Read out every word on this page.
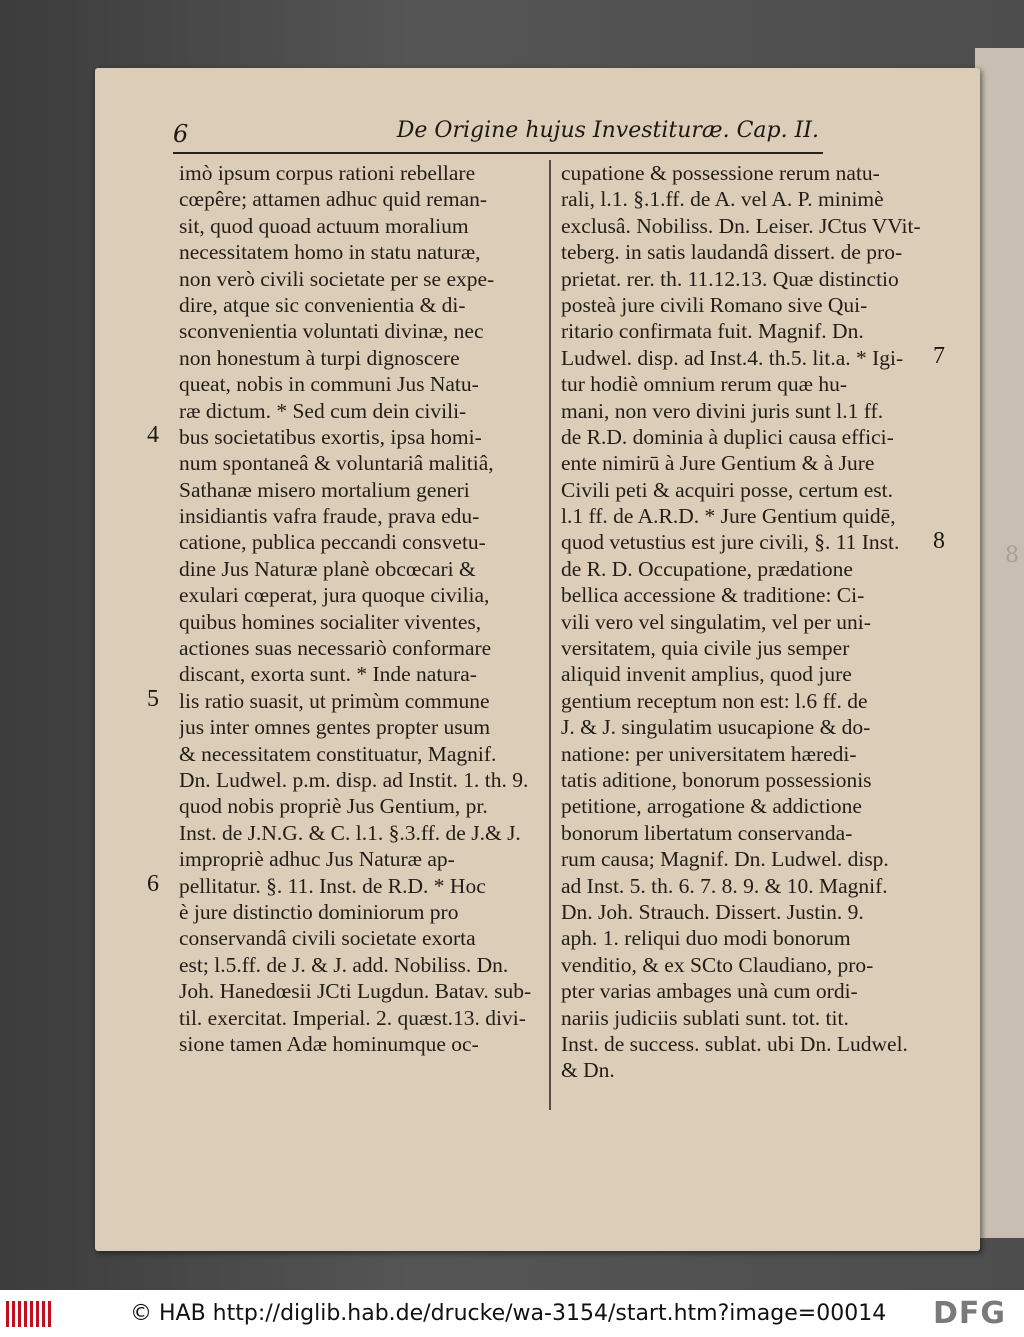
8
6	De Origine hujus Investituræ. Cap. II.
imò ipsum corpus rationi rebellare
cœpêre; attamen adhuc quid reman-
sit, quod quoad actuum moralium
necessitatem homo in statu naturæ,
non verò civili societate per se expe-
dire, atque sic convenientia & di-
sconvenientia voluntati divinæ, nec
non honestum à turpi dignoscere
queat, nobis in communi Jus Natu-
ræ dictum. * Sed cum dein civili-
bus societatibus exortis, ipsa homi-
num spontaneâ & voluntariâ malitiâ,
Sathanæ misero mortalium generi
insidiantis vafra fraude, prava edu-
catione, publica peccandi consvetu-
dine Jus Naturæ planè obcœcari &
exulari cœperat, jura quoque civilia,
quibus homines socialiter viventes,
actiones suas necessariò conformare
discant, exorta sunt. * Inde natura-
lis ratio suasit, ut primùm commune
jus inter omnes gentes propter usum
& necessitatem constituatur, Magnif.
Dn. Ludwel. p.m. disp. ad Instit. 1. th. 9.
quod nobis propriè Jus Gentium, pr.
Inst. de J.N.G. & C. l.1. §.3.ff. de J.& J.
impropriè adhuc Jus Naturæ ap-
pellitatur. §. 11. Inst. de R.D. * Hoc
è jure distinctio dominiorum pro
conservandâ civili societate exorta
est; l.5.ff. de J. & J. add. Nobiliss. Dn.
Joh. Hanedœsii JCti Lugdun. Batav. sub-
til. exercitat. Imperial. 2. quæst.13. divi-
sione tamen Adæ hominumque oc-
cupatione & possessione rerum natu-
rali, l.1. §.1.ff. de A. vel A. P. minimè
exclusâ. Nobiliss. Dn. Leiser. JCtus VVit-
teberg. in satis laudandâ dissert. de pro-
prietat. rer. th. 11.12.13. Quæ distinctio
posteà jure civili Romano sive Qui-
ritario confirmata fuit. Magnif. Dn.
Ludwel. disp. ad Inst.4. th.5. lit.a. * Igi-
tur hodiè omnium rerum quæ hu-
mani, non vero divini juris sunt l.1 ff.
de R.D. dominia à duplici causa effici-
ente nimirū à Jure Gentium & à Jure
Civili peti & acquiri posse, certum est.
l.1 ff. de A.R.D. * Jure Gentium quidē,
quod vetustius est jure civili, §. 11 Inst.
de R. D. Occupatione, prædatione
bellica accessione & traditione: Ci-
vili vero vel singulatim, vel per uni-
versitatem, quia civile jus semper
aliquid invenit amplius, quod jure
gentium receptum non est: l.6 ff. de
J. & J. singulatim usucapione & do-
natione: per universitatem hæredi-
tatis aditione, bonorum possessionis
petitione, arrogatione & addictione
bonorum libertatum conservanda-
rum causa; Magnif. Dn. Ludwel. disp.
ad Inst. 5. th. 6. 7. 8. 9. & 10. Magnif.
Dn. Joh. Strauch. Dissert. Justin. 9.
aph. 1. reliqui duo modi bonorum
venditio, & ex SCto Claudiano, pro-
pter varias ambages unà cum ordi-
nariis judiciis sublati sunt. tot. tit.
Inst. de success. sublat. ubi Dn. Ludwel.
& Dn.
4
5
6
7
8
© HAB http://diglib.hab.de/drucke/wa-3154/start.htm?image=00014 DFG
